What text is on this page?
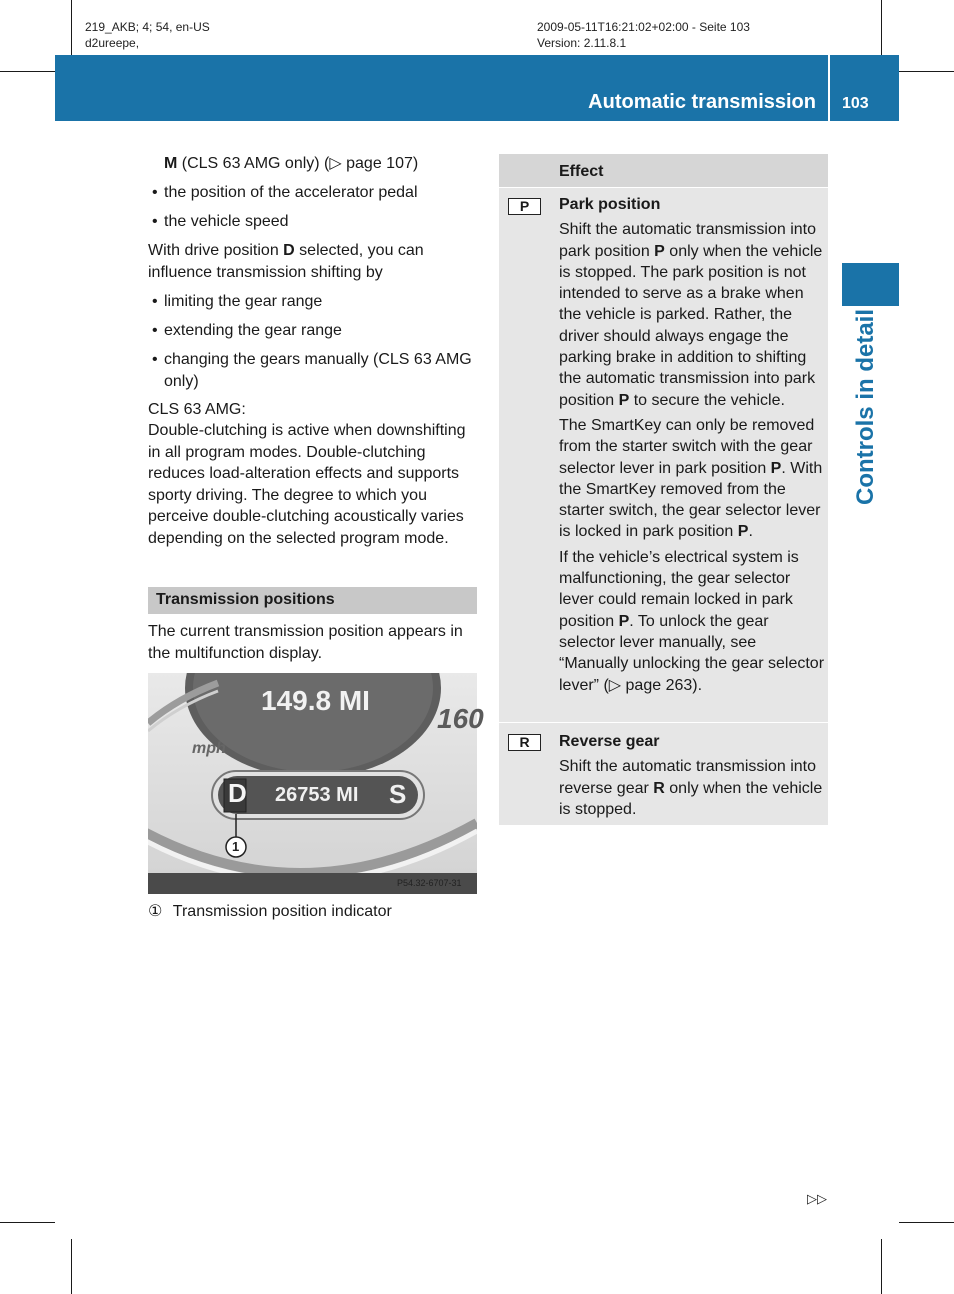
219_AKB; 4; 54, en-US
d2ureepe,
2009-05-11T16:21:02+02:00 - Seite 103
Version: 2.11.8.1
Automatic transmission 103
Controls in detail
M (CLS 63 AMG only) (▷ page 107)
• the position of the accelerator pedal
• the vehicle speed
With drive position D selected, you can influence transmission shifting by
• limiting the gear range
• extending the gear range
• changing the gears manually (CLS 63 AMG only)
CLS 63 AMG:
Double-clutching is active when downshifting in all program modes. Double-clutching reduces load-alteration effects and supports sporty driving. The degree to which you perceive double-clutching acoustically varies depending on the selected program mode.
Transmission positions
The current transmission position appears in the multifunction display.
149.8 MI
160
mph
D 26753 MI S
1
P54.32-6707-31
① Transmission position indicator
Effect
P	Park position
Shift the automatic transmission into park position P only when the vehicle is stopped. The park position is not intended to serve as a brake when the vehicle is parked. Rather, the driver should always engage the parking brake in addition to shifting the automatic transmission into park position P to secure the vehicle.
The SmartKey can only be removed from the starter switch with the gear selector lever in park position P. With the SmartKey removed from the starter switch, the gear selector lever is locked in park position P.
If the vehicle’s electrical system is malfunctioning, the gear selector lever could remain locked in park position P. To unlock the gear selector lever manually, see “Manually unlocking the gear selector lever” (▷ page 263).
R	Reverse gear
Shift the automatic transmission into reverse gear R only when the vehicle is stopped.
▷▷
